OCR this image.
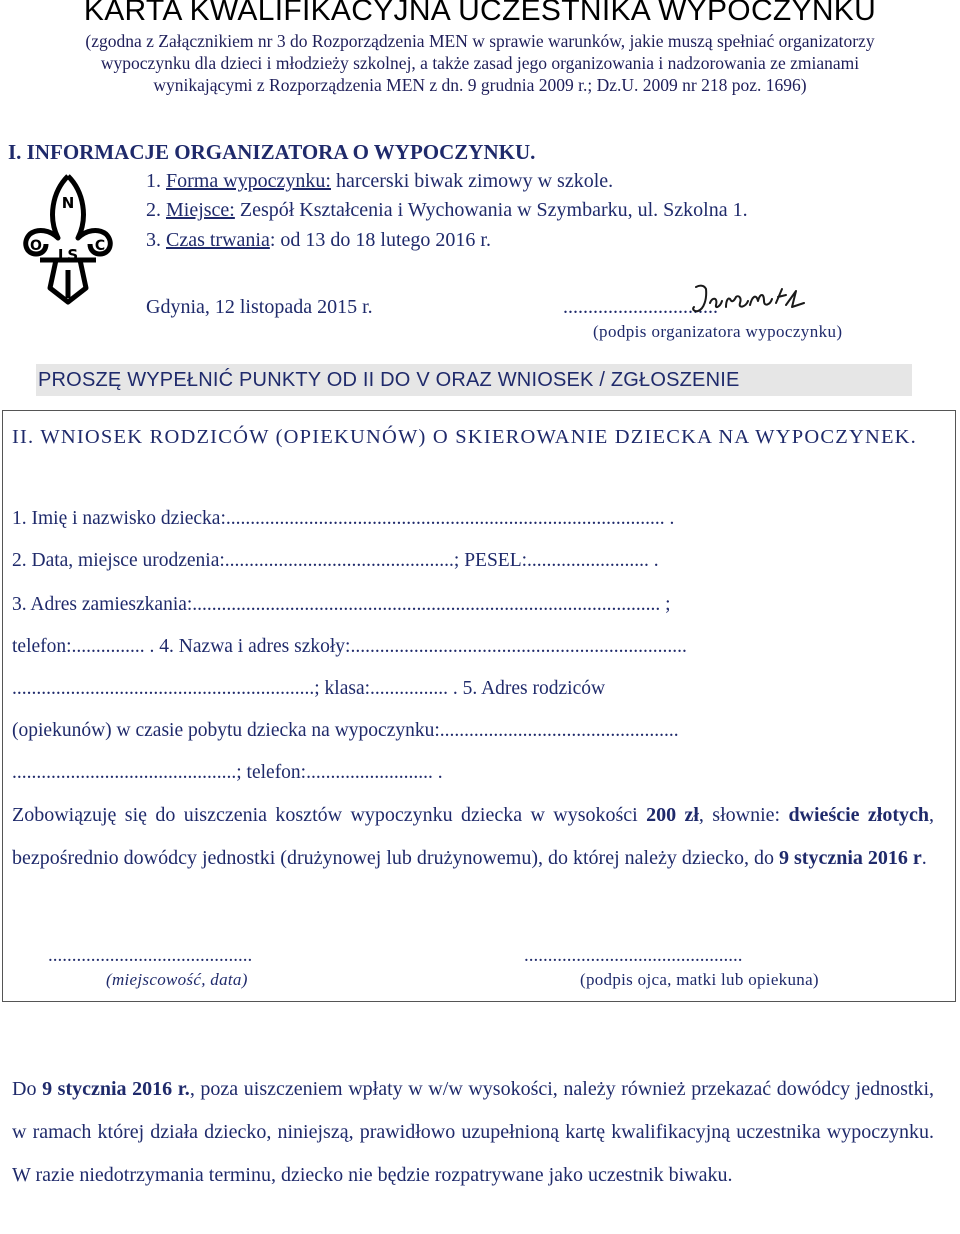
KARTA KWALIFIKACYJNA UCZESTNIKA WYPOCZYNKU
(zgodna z Załącznikiem nr 3 do Rozporządzenia MEN w sprawie warunków, jakie muszą spełniać organizatorzy
wypoczynku dla dzieci i młodzieży szkolnej, a także zasad jego organizowania i nadzorowania ze zmianami
wynikającymi z Rozporządzenia MEN z dn. 9 grudnia 2009 r.; Dz.U. 2009 nr 218 poz. 1696)
I. INFORMACJE ORGANIZATORA O WYPOCZYNKU.
N
O	C
LS
1. Forma wypoczynku: harcerski biwak zimowy w szkole.
2. Miejsce: Zespół Kształcenia i Wychowania w Szymbarku, ul. Szkolna 1.
3. Czas trwania: od 13 do 18 lutego 2016 r.
Gdynia, 12 listopada 2015 r.	...............................
(podpis organizatora wypoczynku)
PROSZĘ WYPEŁNIĆ PUNKTY OD II DO V ORAZ WNIOSEK / ZGŁOSZENIE
II. WNIOSEK RODZICÓW (OPIEKUNÓW) O SKIEROWANIE DZIECKA NA WYPOCZYNEK.
1. Imię i nazwisko dziecka:.......................................................................................... .
2. Data, miejsce urodzenia:...............................................; PESEL:......................... .
3. Adres zamieszkania:................................................................................................ ;
telefon:............... . 4. Nazwa i adres szkoły:.....................................................................
..............................................................; klasa:................ . 5. Adres rodziców
(opiekunów) w czasie pobytu dziecka na wypoczynku:.................................................
..............................................; telefon:.......................... .
Zobowiązuję się do uiszczenia kosztów wypoczynku dziecka w wysokości 200 zł, słownie: dwieście złotych, bezpośrednio dowódcy jednostki (drużynowej lub drużynowemu), do której należy dziecko, do 9 stycznia 2016 r.
...........................................	..............................................
(miejscowość, data)	(podpis ojca, matki lub opiekuna)
Do 9 stycznia 2016 r., poza uiszczeniem wpłaty w w/w wysokości, należy również przekazać dowódcy jednostki, w ramach której działa dziecko, niniejszą, prawidłowo uzupełnioną kartę kwalifikacyjną uczestnika wypoczynku. W razie niedotrzymania terminu, dziecko nie będzie rozpatrywane jako uczestnik biwaku.
